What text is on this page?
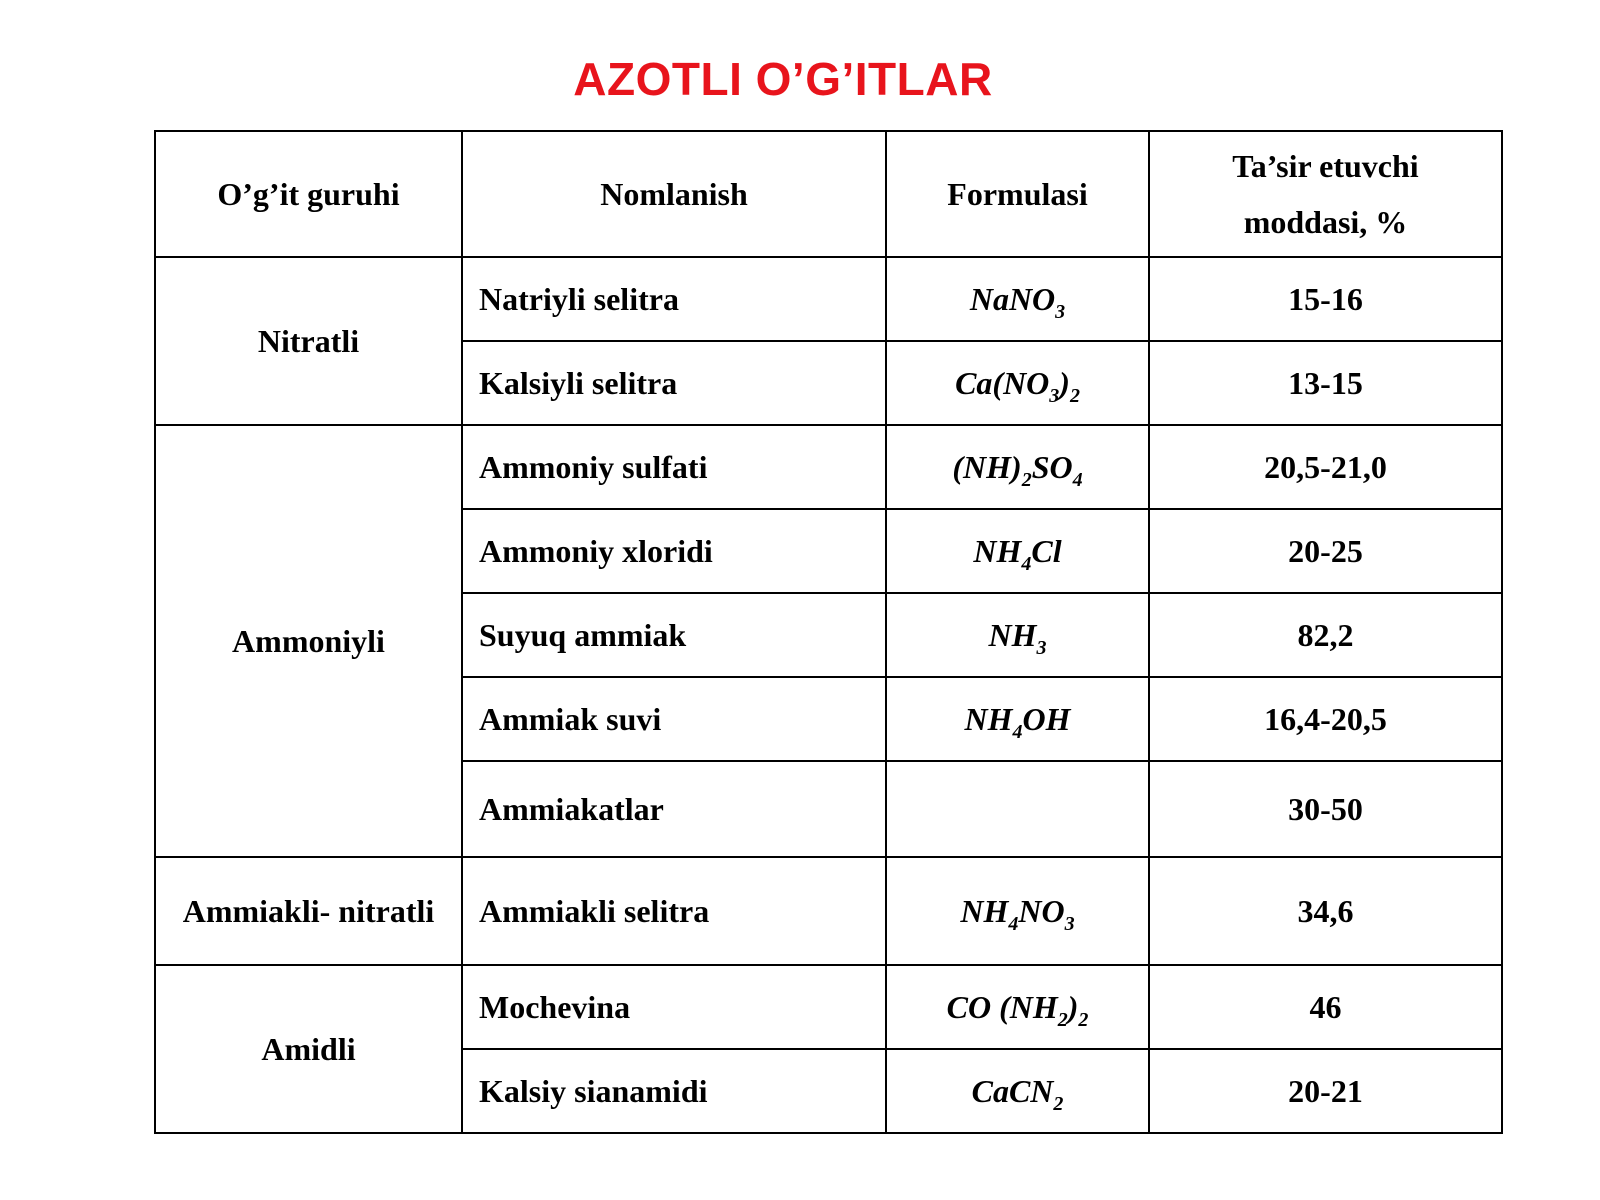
AZOTLI O’G’ITLAR
O’g’it guruhi	Nomlanish	Formulasi	Ta’sir etuvchi
moddasi, %
Nitratli	Natriyli selitra	NaNO$_3$	15-16
	Kalsiyli selitra	$Ca(NO_3)_2$	13-15
Ammoniyli	Ammoniy sulfati	$(NH)_2SO_4$	20,5-21,0
	Ammoniy xloridi	$NH_4Cl$	20-25
	Suyuq ammiak	$NH_3$	82,2
	Ammiak suvi	$NH_4OH$	16,4-20,5
	Ammiakatlar		30-50
Ammiakli- nitratli	Ammiakli selitra	$NH_4NO_3$	34,6
Amidli	Mochevina	CO $(NH_2)_2$	46
	Kalsiy sianamidi	CaCN$_2$	20-21
